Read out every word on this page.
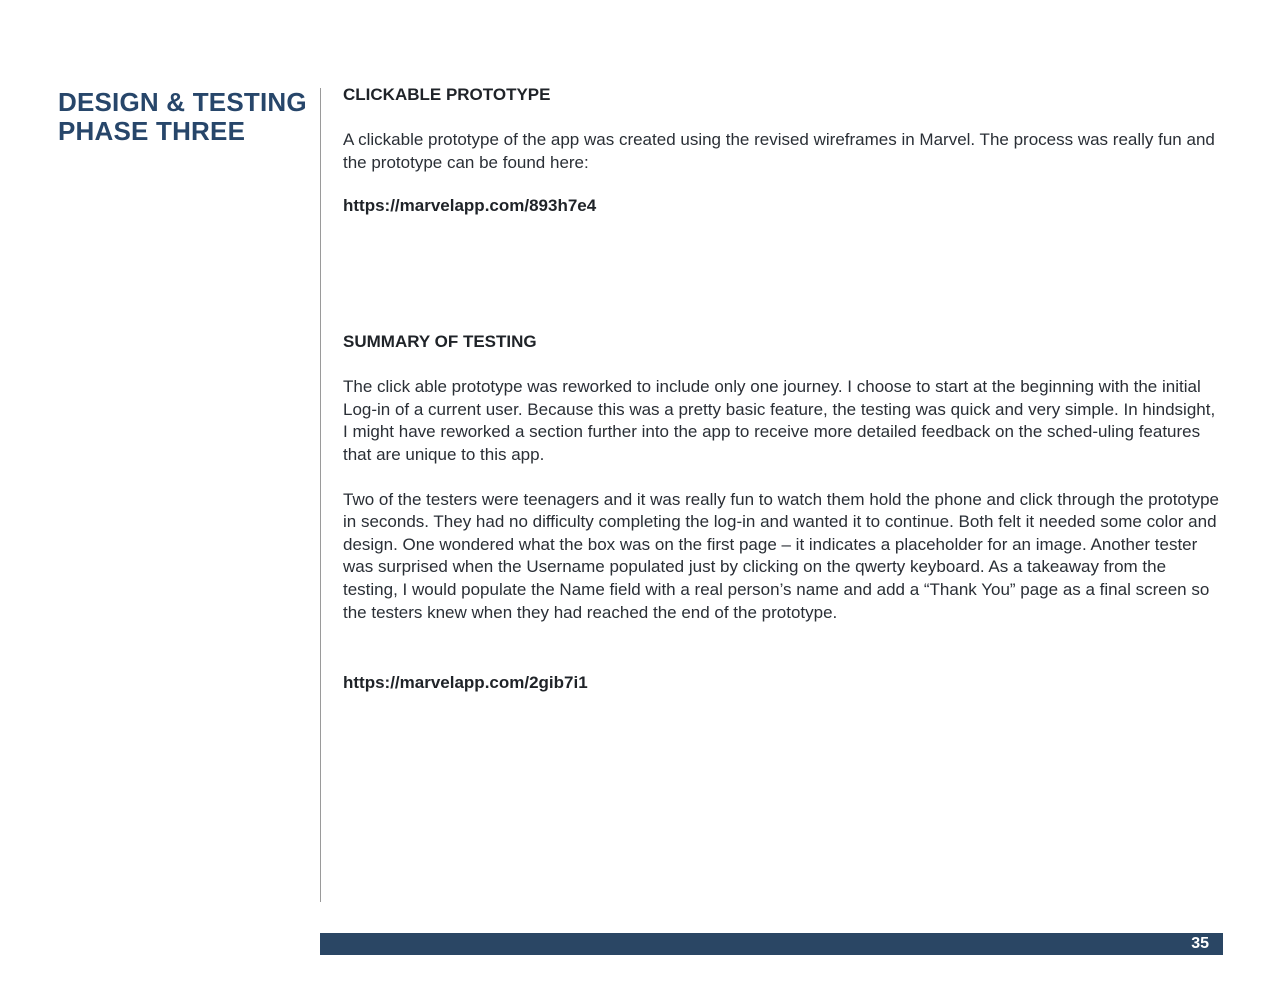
DESIGN & TESTING
PHASE THREE
CLICKABLE PROTOTYPE

A clickable prototype of the app was created using the revised wireframes in Marvel. The process was really fun and the prototype can be found here:

https://marvelapp.com/893h7e4
SUMMARY OF TESTING

The click able prototype was reworked to include only one journey. I choose to start at the beginning with the initial Log-in of a current user. Because this was a pretty basic feature, the testing was quick and very simple. In hindsight, I might have reworked a section further into the app to receive more detailed feedback on the sched-uling features that are unique to this app.

Two of the testers were teenagers and it was really fun to watch them hold the phone and click through the prototype in seconds. They had no difficulty completing the log-in and wanted it to continue. Both felt it needed some color and design. One wondered what the box was on the first page – it indicates a placeholder for an image. Another tester was surprised when the Username populated just by clicking on the qwerty keyboard. As a takeaway from the testing, I would populate the Name field with a real person’s name and add a “Thank You” page as a final screen so the testers knew when they had reached the end of the prototype.

https://marvelapp.com/2gib7i1
35
